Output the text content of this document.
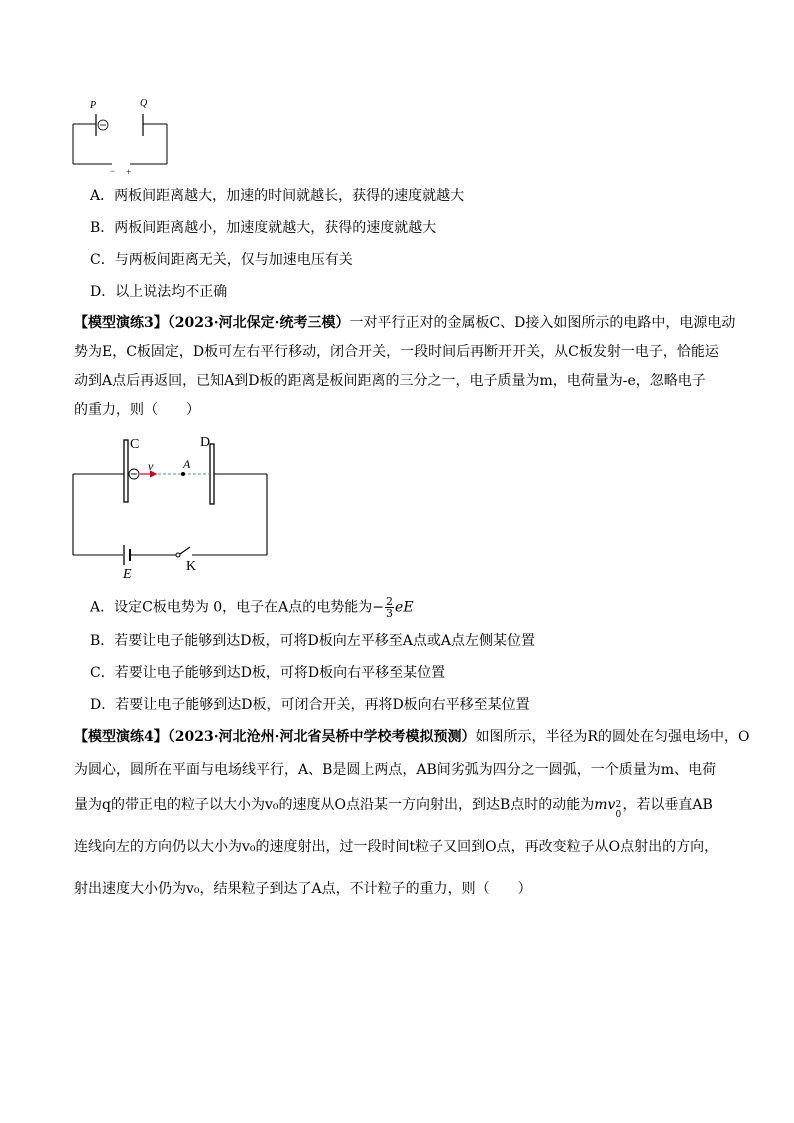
P	Q
− +
A．两板间距离越大，加速的时间就越长，获得的速度就越大
B．两板间距离越小，加速度就越大，获得的速度就越大
C．与两板间距离无关，仅与加速电压有关
D．以上说法均不正确
【模型演练3】（2023·河北保定·统考三模）一对平行正对的金属板C、D接入如图所示的电路中，电源电动
势为E，C板固定，D板可左右平行移动，闭合开关，一段时间后再断开开关，从C板发射一电子，恰能运
动到A点后再返回，已知A到D板的距离是板间距离的三分之一，电子质量为m，电荷量为-e，忽略电子
的重力，则（　　）
C	D
v A
E
K
A．设定C板电势为 0，电子在A点的电势能为− $\frac{2}{3}$ eE
B．若要让电子能够到达D板，可将D板向左平移至A点或A点左侧某位置
C．若要让电子能够到达D板，可将D板向右平移至某位置
D．若要让电子能够到达D板，可闭合开关，再将D板向右平移至某位置
【模型演练4】（2023·河北沧州·河北省吴桥中学校考模拟预测）如图所示，半径为R的圆处在匀强电场中，O
为圆心，圆所在平面与电场线平行，A、B是圆上两点，AB间劣弧为四分之一圆弧，一个质量为m、电荷
量为q的带正电的粒子以大小为v₀的速度从O点沿某一方向射出，到达B点时的动能为mv 2
0
，若以垂直AB
连线向左的方向仍以大小为v₀的速度射出，过一段时间t粒子又回到O点，再改变粒子从O点射出的方向，
射出速度大小仍为v₀，结果粒子到达了A点，不计粒子的重力，则（　　）
